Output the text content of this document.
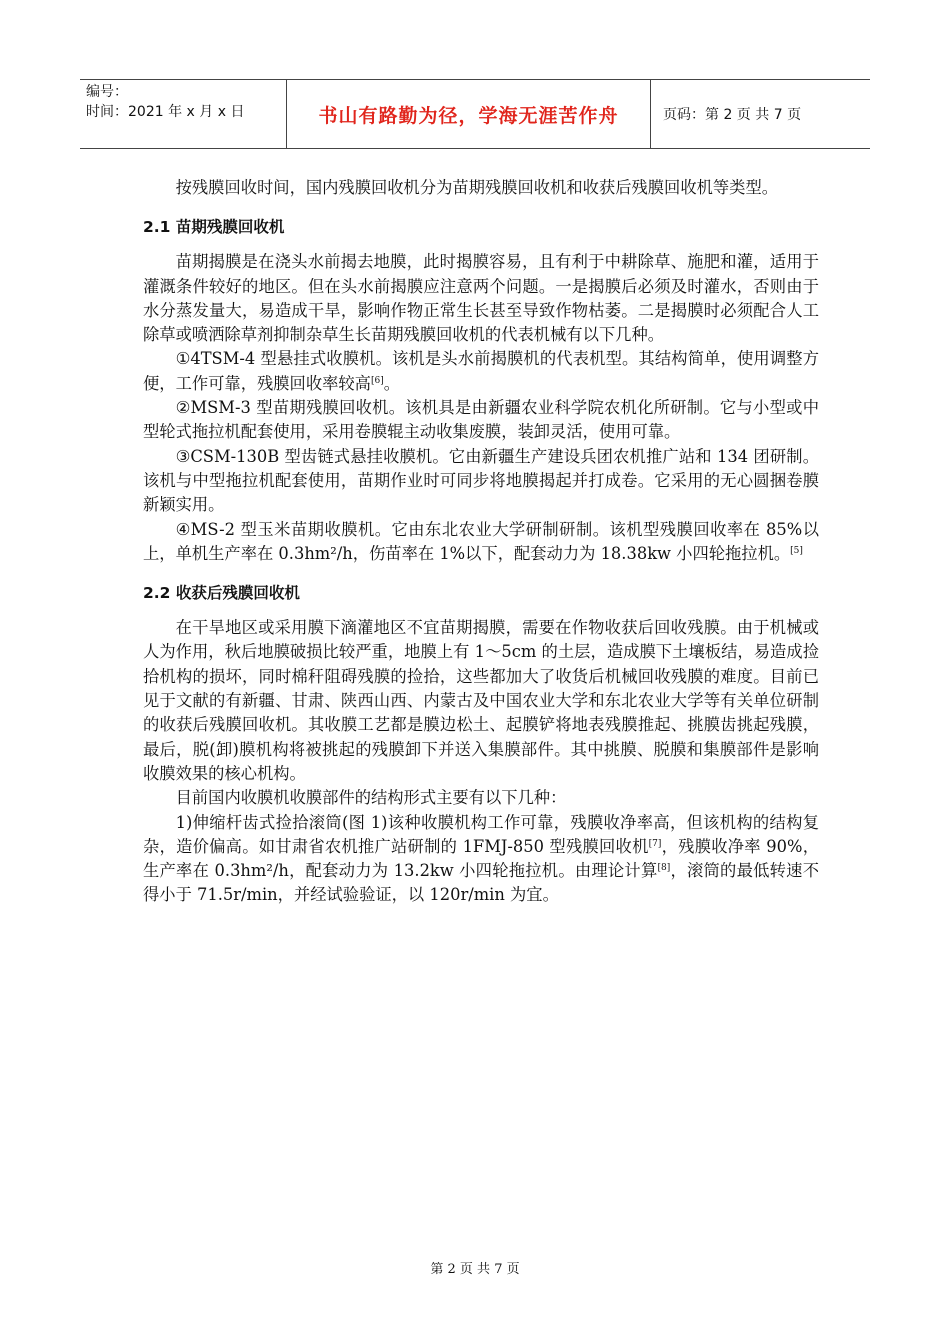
编号：
时间：2021 年 x 月 x 日	书山有路勤为径，学海无涯苦作舟	页码：第 2 页 共 7 页

按残膜回收时间，国内残膜回收机分为苗期残膜回收机和收获后残膜回收机等类型。

2.1 苗期残膜回收机

苗期揭膜是在浇头水前揭去地膜，此时揭膜容易，且有利于中耕除草、施肥和灌，适用于灌溉条件较好的地区。但在头水前揭膜应注意两个问题。一是揭膜后必须及时灌水，否则由于水分蒸发量大，易造成干旱，影响作物正常生长甚至导致作物枯萎。二是揭膜时必须配合人工除草或喷洒除草剂抑制杂草生长苗期残膜回收机的代表机械有以下几种。

①4TSM-4 型悬挂式收膜机。该机是头水前揭膜机的代表机型。其结构简单，使用调整方便，工作可靠，残膜回收率较高[6]。

②MSM-3 型苗期残膜回收机。该机具是由新疆农业科学院农机化所研制。它与小型或中型轮式拖拉机配套使用，采用卷膜辊主动收集废膜，装卸灵活，使用可靠。

③CSM-130B 型齿链式悬挂收膜机。它由新疆生产建设兵团农机推广站和 134 团研制。该机与中型拖拉机配套使用，苗期作业时可同步将地膜揭起并打成卷。它采用的无心圆捆卷膜新颖实用。

④MS-2 型玉米苗期收膜机。它由东北农业大学研制研制。该机型残膜回收率在 85%以上，单机生产率在 0.3hm²/h，伤苗率在 1%以下，配套动力为 18.38kw 小四轮拖拉机。[5]

2.2 收获后残膜回收机

在干旱地区或采用膜下滴灌地区不宜苗期揭膜，需要在作物收获后回收残膜。由于机械或人为作用，秋后地膜破损比较严重，地膜上有 1～5cm 的土层，造成膜下土壤板结，易造成捡拾机构的损坏，同时棉秆阻碍残膜的捡拾，这些都加大了收货后机械回收残膜的难度。目前已见于文献的有新疆、甘肃、陕西山西、内蒙古及中国农业大学和东北农业大学等有关单位研制的收获后残膜回收机。其收膜工艺都是膜边松土、起膜铲将地表残膜推起、挑膜齿挑起残膜，最后，脱(卸)膜机构将被挑起的残膜卸下并送入集膜部件。其中挑膜、脱膜和集膜部件是影响收膜效果的核心机构。

目前国内收膜机收膜部件的结构形式主要有以下几种：

1)伸缩杆齿式捡拾滚筒(图 1)该种收膜机构工作可靠，残膜收净率高，但该机构的结构复杂，造价偏高。如甘肃省农机推广站研制的 1FMJ-850 型残膜回收机[7]，残膜收净率 90%，生产率在 0.3hm²/h，配套动力为 13.2kw 小四轮拖拉机。由理论计算[8]，滚筒的最低转速不得小于 71.5r/min，并经试验验证，以 120r/min 为宜。

第 2 页 共 7 页
